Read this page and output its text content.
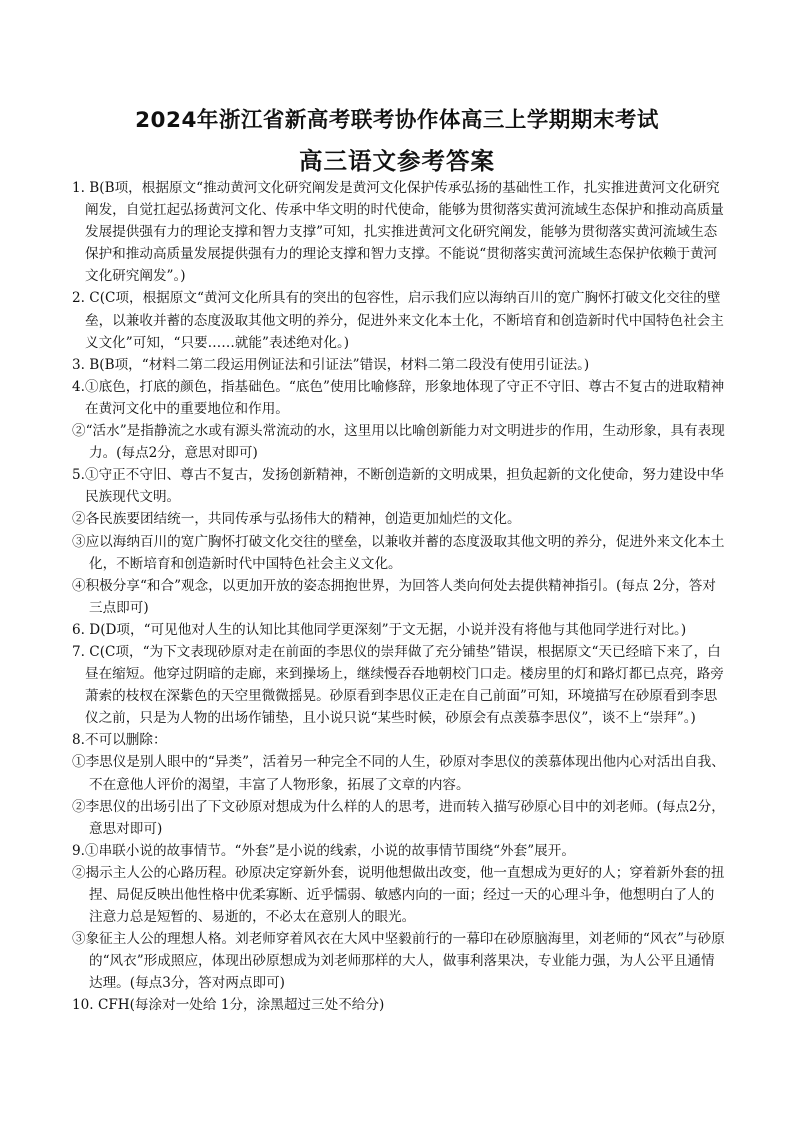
2024年浙江省新高考联考协作体高三上学期期末考试
高三语文参考答案

1. B(B项，根据原文“推动黄河文化研究阐发是黄河文化保护传承弘扬的基础性工作，扎实推进黄河文化研究阐发，自觉扛起弘扬黄河文化、传承中华文明的时代使命，能够为贯彻落实黄河流域生态保护和推动高质量发展提供强有力的理论支撑和智力支撑”可知，扎实推进黄河文化研究阐发，能够为贯彻落实黄河流域生态保护和推动高质量发展提供强有力的理论支撑和智力支撑。不能说“贯彻落实黄河流域生态保护依赖于黄河文化研究阐发”。)

2. C(C项，根据原文“黄河文化所具有的突出的包容性，启示我们应以海纳百川的宽广胸怀打破文化交往的壁垒，以兼收并蓄的态度汲取其他文明的养分，促进外来文化本土化，不断培育和创造新时代中国特色社会主义文化”可知，“只要……就能”表述绝对化。)

3. B(B项，“材料二第二段运用例证法和引证法”错误，材料二第二段没有使用引证法。)

4.①底色，打底的颜色，指基础色。“底色”使用比喻修辞，形象地体现了守正不守旧、尊古不复古的进取精神在黄河文化中的重要地位和作用。

②“活水”是指静流之水或有源头常流动的水，这里用以比喻创新能力对文明进步的作用，生动形象，具有表现力。(每点2分，意思对即可)

5.①守正不守旧、尊古不复古，发扬创新精神，不断创造新的文明成果，担负起新的文化使命，努力建设中华民族现代文明。

②各民族要团结统一，共同传承与弘扬伟大的精神，创造更加灿烂的文化。

③应以海纳百川的宽广胸怀打破文化交往的壁垒，以兼收并蓄的态度汲取其他文明的养分，促进外来文化本土化，不断培育和创造新时代中国特色社会主义文化。

④积极分享“和合”观念，以更加开放的姿态拥抱世界，为回答人类向何处去提供精神指引。(每点 2分，答对三点即可)

6. D(D项，“可见他对人生的认知比其他同学更深刻”于文无据，小说并没有将他与其他同学进行对比。)

7. C(C项，“为下文表现砂原对走在前面的李思仪的崇拜做了充分铺垫”错误，根据原文“天已经暗下来了，白昼在缩短。他穿过阴暗的走廊，来到操场上，继续慢吞吞地朝校门口走。楼房里的灯和路灯都已点亮，路旁萧索的枝杈在深紫色的天空里微微摇晃。砂原看到李思仪正走在自己前面”可知，环境描写在砂原看到李思仪之前，只是为人物的出场作铺垫，且小说只说“某些时候，砂原会有点羡慕李思仪”，谈不上“崇拜”。)

8.不可以删除：

①李思仪是别人眼中的“异类”，活着另一种完全不同的人生，砂原对李思仪的羡慕体现出他内心对活出自我、不在意他人评价的渴望，丰富了人物形象，拓展了文章的内容。

②李思仪的出场引出了下文砂原对想成为什么样的人的思考，进而转入描写砂原心目中的刘老师。(每点2分，意思对即可)

9.①串联小说的故事情节。“外套”是小说的线索，小说的故事情节围绕“外套”展开。

②揭示主人公的心路历程。砂原决定穿新外套，说明他想做出改变，他一直想成为更好的人；穿着新外套的扭捏、局促反映出他性格中优柔寡断、近乎懦弱、敏感内向的一面；经过一天的心理斗争，他想明白了人的注意力总是短暂的、易逝的，不必太在意别人的眼光。

③象征主人公的理想人格。刘老师穿着风衣在大风中坚毅前行的一幕印在砂原脑海里，刘老师的“风衣”与砂原的“风衣”形成照应，体现出砂原想成为刘老师那样的大人，做事利落果决，专业能力强，为人公平且通情达理。(每点3分，答对两点即可)

10. CFH(每涂对一处给 1分，涂黑超过三处不给分)
